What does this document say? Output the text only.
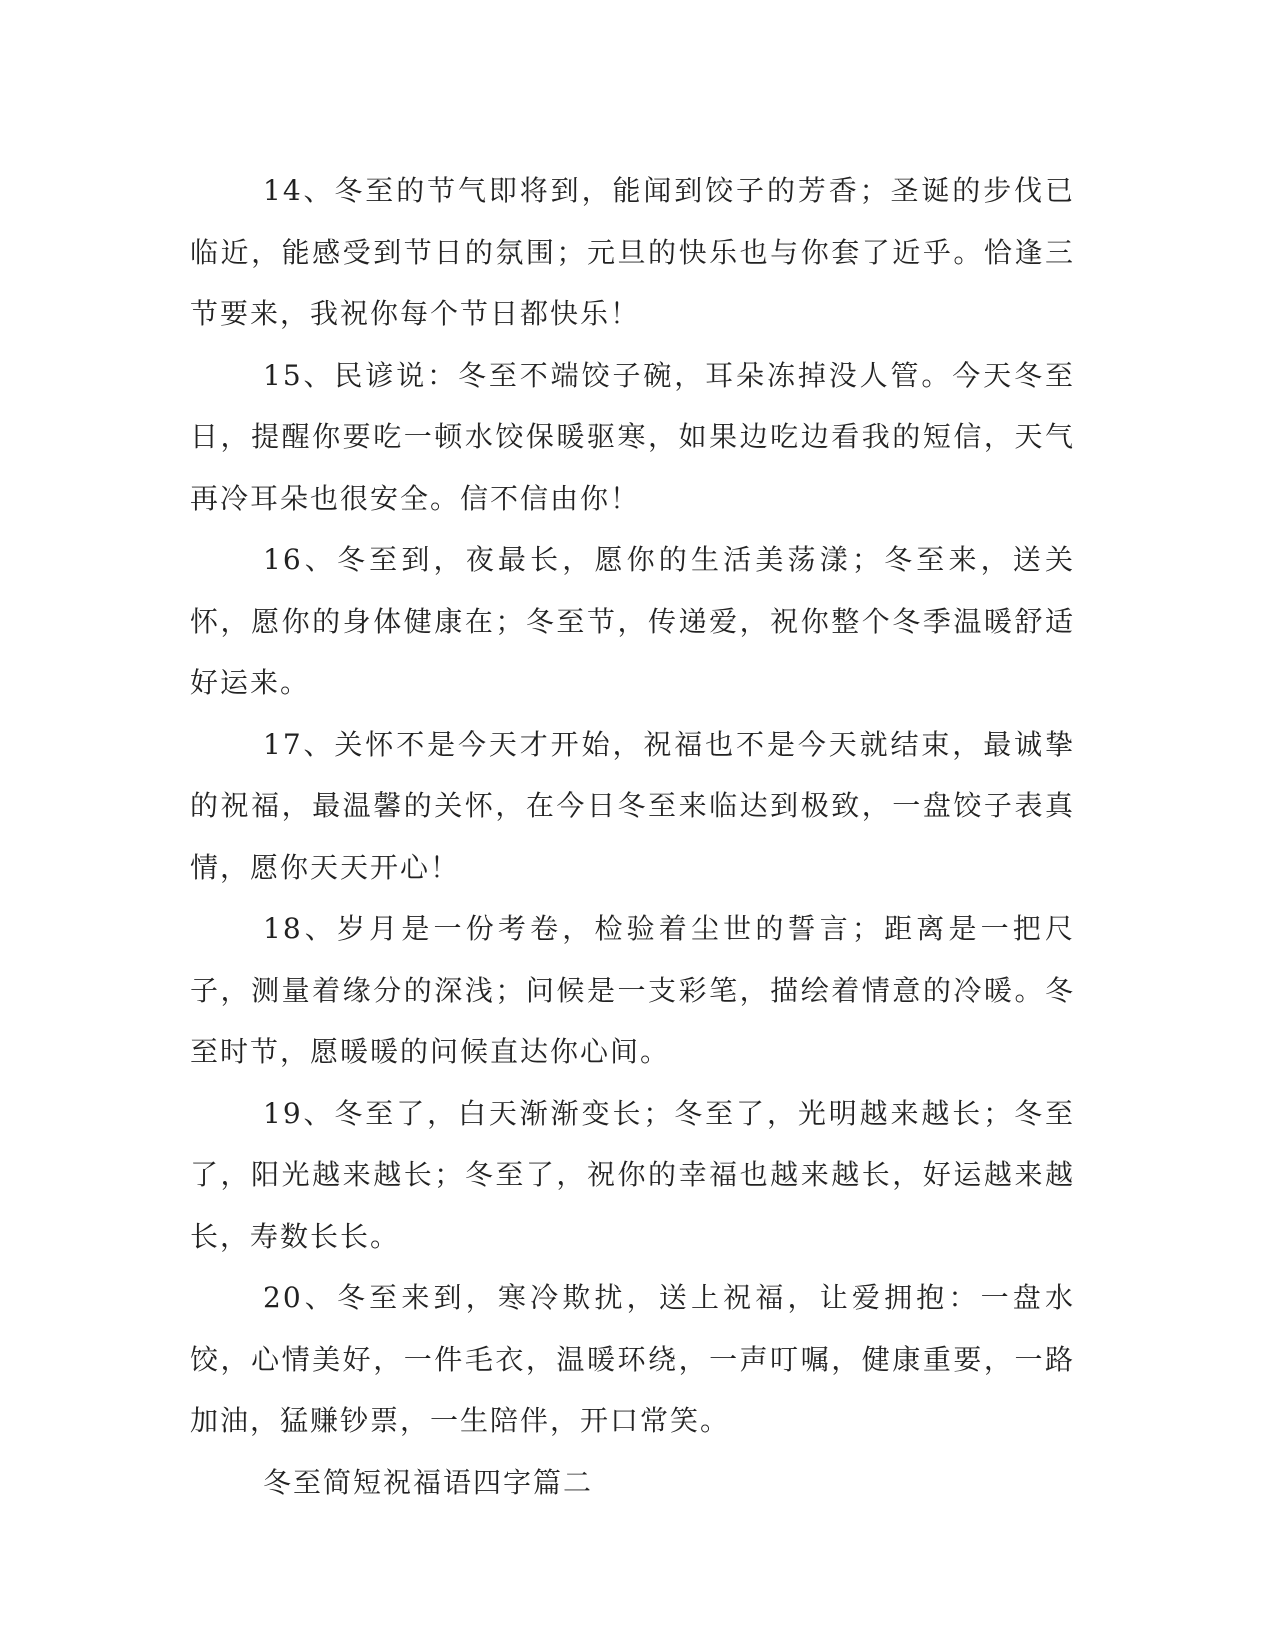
14、冬至的节气即将到，能闻到饺子的芳香；圣诞的步伐已临近，能感受到节日的氛围；元旦的快乐也与你套了近乎。恰逢三节要来，我祝你每个节日都快乐！

15、民谚说：冬至不端饺子碗，耳朵冻掉没人管。今天冬至日，提醒你要吃一顿水饺保暖驱寒，如果边吃边看我的短信，天气再冷耳朵也很安全。信不信由你！

16、冬至到，夜最长，愿你的生活美荡漾；冬至来，送关怀，愿你的身体健康在；冬至节，传递爱，祝你整个冬季温暖舒适好运来。

17、关怀不是今天才开始，祝福也不是今天就结束，最诚挚的祝福，最温馨的关怀，在今日冬至来临达到极致，一盘饺子表真情，愿你天天开心！

18、岁月是一份考卷，检验着尘世的誓言；距离是一把尺子，测量着缘分的深浅；问候是一支彩笔，描绘着情意的冷暖。冬至时节，愿暖暖的问候直达你心间。

19、冬至了，白天渐渐变长；冬至了，光明越来越长；冬至了，阳光越来越长；冬至了，祝你的幸福也越来越长，好运越来越长，寿数长长。

20、冬至来到，寒冷欺扰，送上祝福，让爱拥抱：一盘水饺，心情美好，一件毛衣，温暖环绕，一声叮嘱，健康重要，一路加油，猛赚钞票，一生陪伴，开口常笑。

冬至简短祝福语四字篇二
